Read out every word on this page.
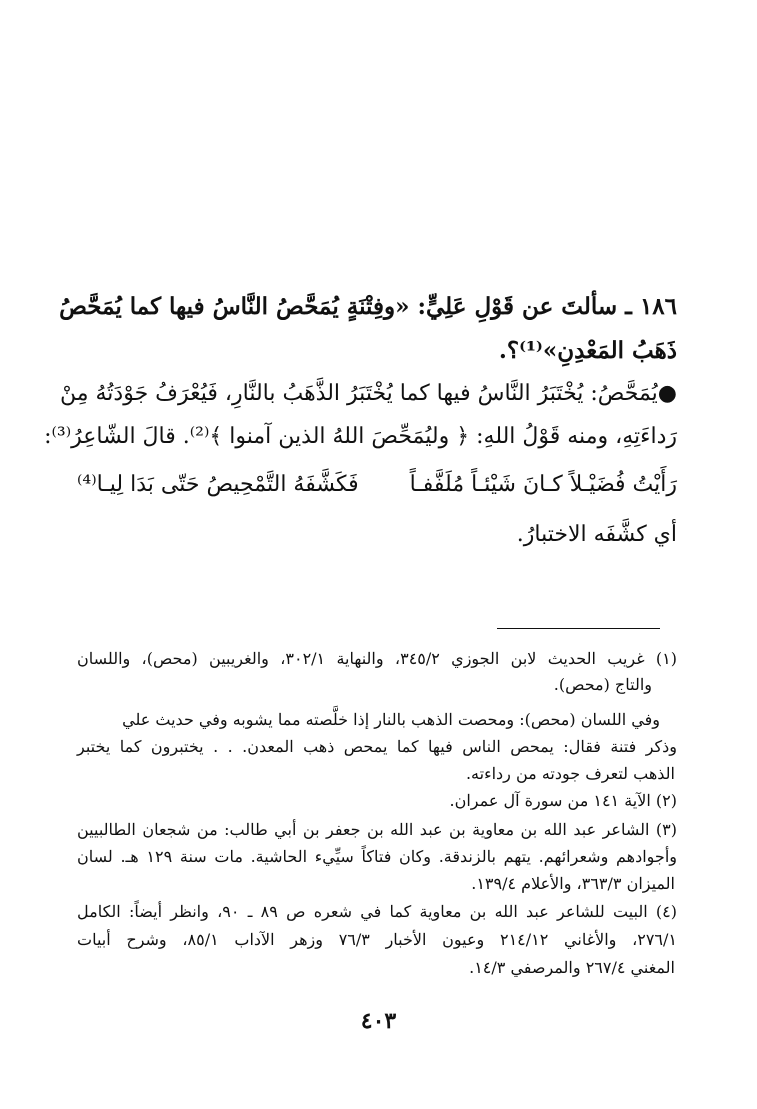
١٨٦ ـ سألتَ عن قَوْلِ عَلِيٍّ: «وفِتْنَةٍ يُمَحَّصُ النَّاسُ فيها كما يُمَحَّصُ
ذَهَبُ المَعْدِنِ»⁽¹⁾؟.
●يُمَحَّصُ: يُخْتَبَرُ النَّاسُ فيها كما يُخْتَبَرُ الذَّهَبُ بالنَّارِ، فَيُعْرَفُ جَوْدَتُهُ مِنْ
رَداءَتِهِ، ومنه قَوْلُ اللهِ: ﴿ وليُمَحِّصَ اللهُ الذين آمنوا ﴾⁽²⁾. قالَ الشّاعِرُ⁽³⁾:
رَأَيْتُ فُضَيْـلاً كـانَ شَيْئـاً مُلَفَّفـاً
فَكَشَّفَهُ التَّمْحِيصُ حَتّى بَدَا لِيـا⁽⁴⁾
أي كشَّفَه الاختبارُ.
(١) غريب الحديث لابن الجوزي ٣٤٥/٢، والنهاية ٣٠٢/١، والغريبين (محص)، واللسان
والتاج (محص).
وفي اللسان (محص): ومحصت الذهب بالنار إذا خلَّصته مما يشوبه وفي حديث علي
وذكر فتنة فقال: يمحص الناس فيها كما يمحص ذهب المعدن. . . يختبرون كما يختبر
الذهب لتعرف جودته من رداءته.
(٢) الآية ١٤١ من سورة آل عمران.
(٣) الشاعر عبد الله بن معاوية بن عبد الله بن جعفر بن أبي طالب: من شجعان الطالبيين
وأجوادهم وشعرائهم. يتهم بالزندقة. وكان فتاكاً سيِّيء الحاشية. مات سنة ١٢٩ هـ. لسان
الميزان ٣٦٣/٣، والأعلام ١٣٩/٤.
(٤) البيت للشاعر عبد الله بن معاوية كما في شعره ص ٨٩ ـ ٩٠، وانظر أيضاً: الكامل
٢٧٦/١، والأغاني ٢١٤/١٢ وعيون الأخبار ٧٦/٣ وزهر الآداب ٨٥/١، وشرح أبيات
المغني ٢٦٧/٤ والمرصفي ١٤/٣.
٤٠٣
